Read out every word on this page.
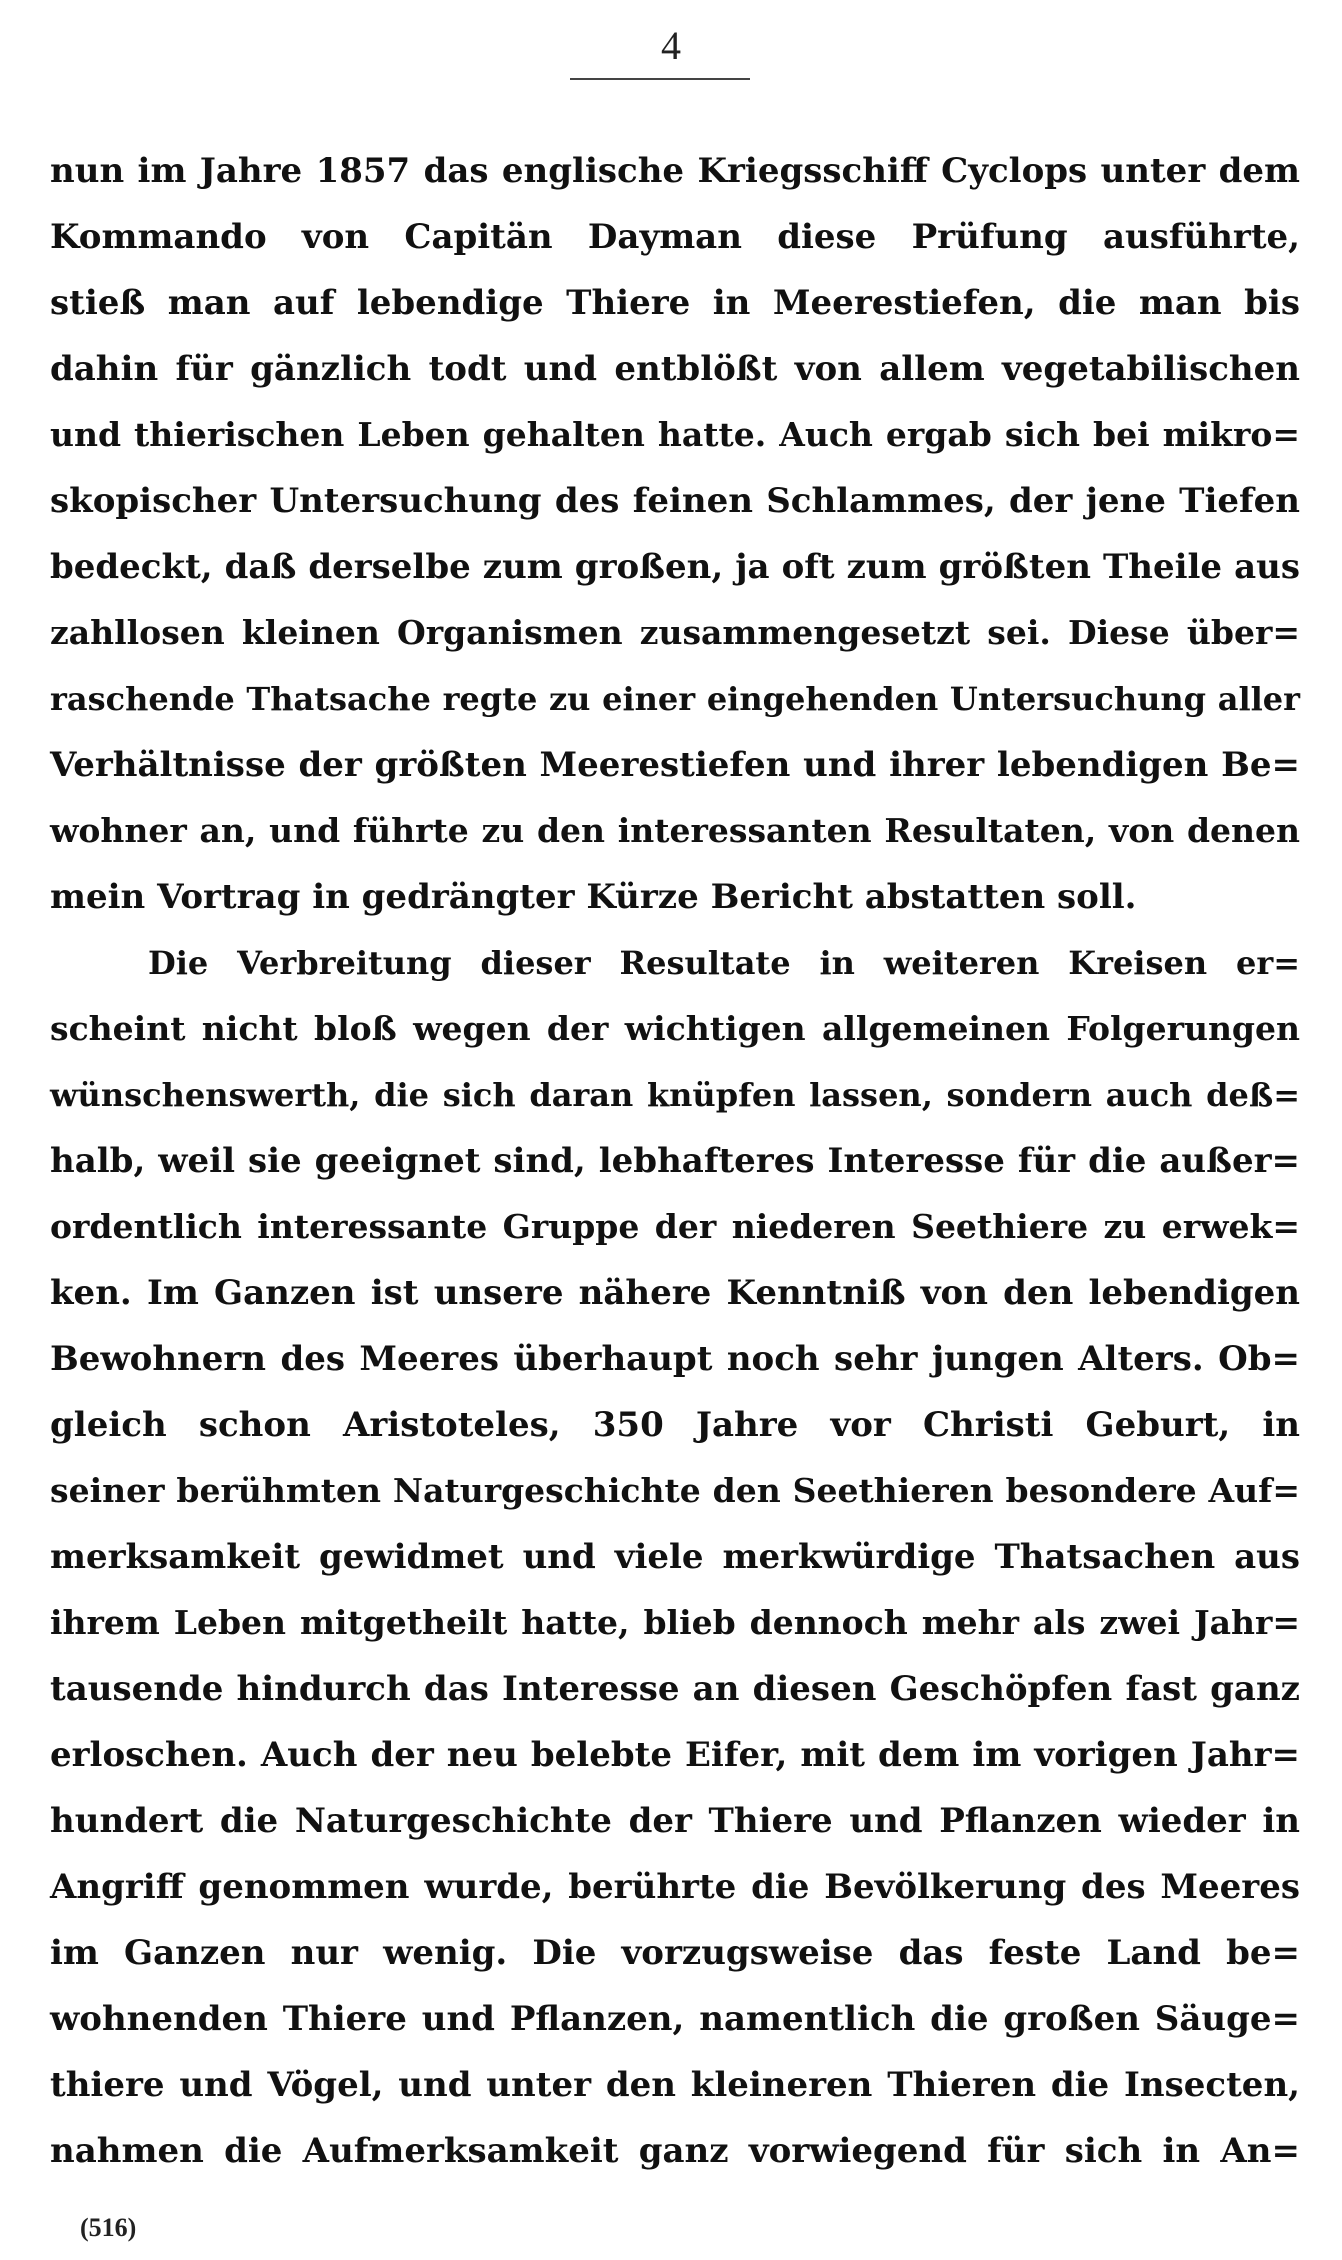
4
nun im Jahre 1857 das englische Kriegsschiff Cyclops unter dem
Kommando von Capitän Dayman diese Prüfung ausführte,
stieß man auf lebendige Thiere in Meerestiefen, die man bis
dahin für gänzlich todt und entblößt von allem vegetabilischen
und thierischen Leben gehalten hatte. Auch ergab sich bei mikro=
skopischer Untersuchung des feinen Schlammes, der jene Tiefen
bedeckt, daß derselbe zum großen, ja oft zum größten Theile aus
zahllosen kleinen Organismen zusammengesetzt sei. Diese über=
raschende Thatsache regte zu einer eingehenden Untersuchung aller
Verhältnisse der größten Meerestiefen und ihrer lebendigen Be=
wohner an, und führte zu den interessanten Resultaten, von denen
mein Vortrag in gedrängter Kürze Bericht abstatten soll.
Die Verbreitung dieser Resultate in weiteren Kreisen er=
scheint nicht bloß wegen der wichtigen allgemeinen Folgerungen
wünschenswerth, die sich daran knüpfen lassen, sondern auch deß=
halb, weil sie geeignet sind, lebhafteres Interesse für die außer=
ordentlich interessante Gruppe der niederen Seethiere zu erwek=
ken. Im Ganzen ist unsere nähere Kenntniß von den lebendigen
Bewohnern des Meeres überhaupt noch sehr jungen Alters. Ob=
gleich schon Aristoteles, 350 Jahre vor Christi Geburt, in
seiner berühmten Naturgeschichte den Seethieren besondere Auf=
merksamkeit gewidmet und viele merkwürdige Thatsachen aus
ihrem Leben mitgetheilt hatte, blieb dennoch mehr als zwei Jahr=
tausende hindurch das Interesse an diesen Geschöpfen fast ganz
erloschen. Auch der neu belebte Eifer, mit dem im vorigen Jahr=
hundert die Naturgeschichte der Thiere und Pflanzen wieder in
Angriff genommen wurde, berührte die Bevölkerung des Meeres
im Ganzen nur wenig. Die vorzugsweise das feste Land be=
wohnenden Thiere und Pflanzen, namentlich die großen Säuge=
thiere und Vögel, und unter den kleineren Thieren die Insecten,
nahmen die Aufmerksamkeit ganz vorwiegend für sich in An=
(516)
